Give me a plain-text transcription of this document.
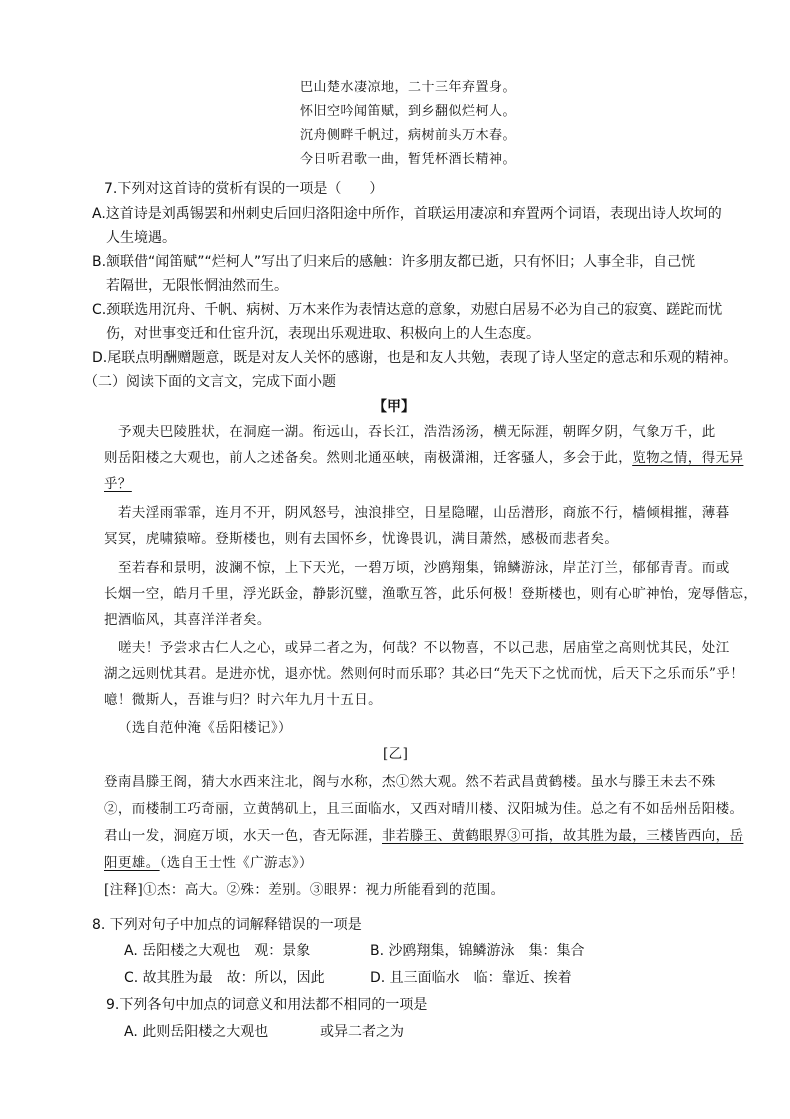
巴山楚水凄凉地，二十三年弃置身。
怀旧空吟闻笛赋，到乡翻似烂柯人。
沉舟侧畔千帆过，病树前头万木春。
今日听君歌一曲，暂凭杯酒长精神。
7.下列对这首诗的赏析有误的一项是（　　）
A.这首诗是刘禹锡罢和州刺史后回归洛阳途中所作，首联运用凄凉和弃置两个词语，表现出诗人坎坷的
人生境遇。
B.颔联借“闻笛赋”“烂柯人”写出了归来后的感触：许多朋友都已逝，只有怀旧；人事全非，自己恍
若隔世，无限怅惘油然而生。
C.颈联选用沉舟、千帆、病树、万木来作为表情达意的意象，劝慰白居易不必为自己的寂寞、蹉跎而忧
伤，对世事变迁和仕宦升沉，表现出乐观进取、积极向上的人生态度。
D.尾联点明酬赠题意，既是对友人关怀的感谢，也是和友人共勉，表现了诗人坚定的意志和乐观的精神。
（二）阅读下面的文言文，完成下面小题
【甲】
予观夫巴陵胜状，在洞庭一湖。衔远山，吞长江，浩浩汤汤，横无际涯，朝晖夕阴，气象万千，此
则岳阳楼之大观也，前人之述备矣。然则北通巫峡，南极潇湘，迁客骚人，多会于此，览物之情，得无异
乎？
若夫淫雨霏霏，连月不开，阴风怒号，浊浪排空，日星隐曜，山岳潜形，商旅不行，樯倾楫摧，薄暮
冥冥，虎啸猿啼。登斯楼也，则有去国怀乡，忧谗畏讥，满目萧然，感极而悲者矣。
至若春和景明，波澜不惊，上下天光，一碧万顷，沙鸥翔集，锦鳞游泳，岸芷汀兰，郁郁青青。而或
长烟一空，皓月千里，浮光跃金，静影沉璧，渔歌互答，此乐何极！登斯楼也，则有心旷神怡，宠辱偕忘，
把酒临风，其喜洋洋者矣。
嗟夫！予尝求古仁人之心，或异二者之为，何哉？不以物喜，不以己悲，居庙堂之高则忧其民，处江
湖之远则忧其君。是进亦忧，退亦忧。然则何时而乐耶？其必曰“先天下之忧而忧，后天下之乐而乐”乎！
噫！微斯人，吾谁与归？时六年九月十五日。
（选自范仲淹《岳阳楼记》）
[乙]
登南昌滕王阁，猜大水西来注北，阁与水称，杰①然大观。然不若武昌黄鹤楼。虽水与滕王未去不殊
②，而楼制工巧奇丽，立黄鹄矶上，且三面临水，又西对晴川楼、汉阳城为佳。总之有不如岳州岳阳楼。
君山一发，洞庭万顷，水天一色，杳无际涯，非若滕王、黄鹤眼界③可指，故其胜为最，三楼皆西向，岳
阳更雄。（选自王士性《广游志》）
[注释]①杰：高大。②殊：差别。③眼界：视力所能看到的范围。
8. 下列对句子中加点的词解释错误的一项是
A. 岳阳楼之大观也　观：景象	B. 沙鸥翔集，锦鳞游泳　集：集合
C. 故其胜为最　故：所以，因此	D. 且三面临水　临：靠近、挨着
9.下列各句中加点的词意义和用法都不相同的一项是
A. 此则岳阳楼之大观也	或异二者之为
